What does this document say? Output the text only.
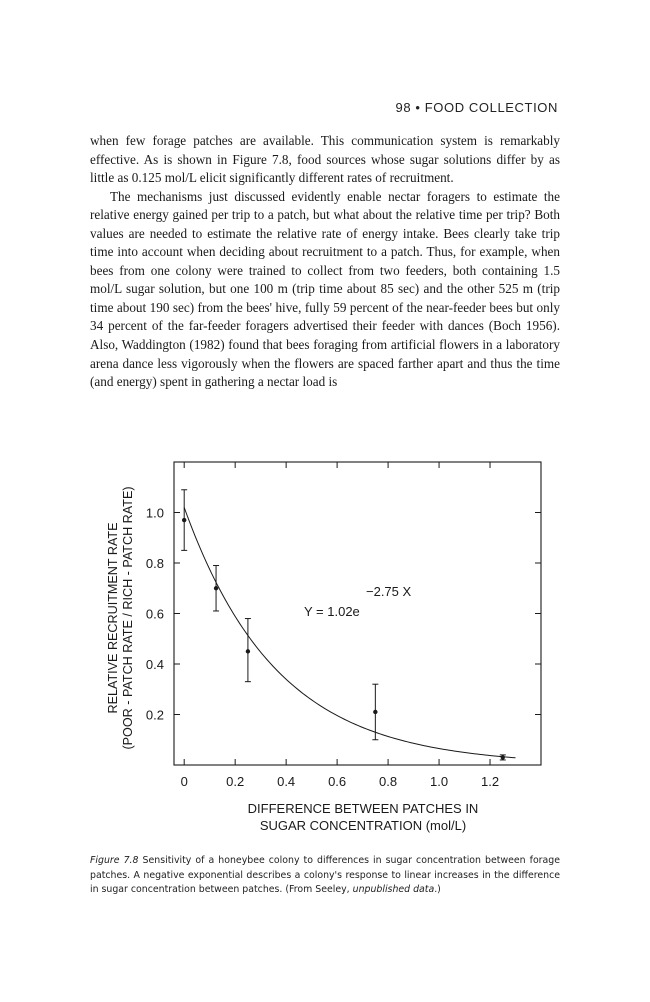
98 • FOOD COLLECTION

when few forage patches are available. This communication system is remarkably effective. As is shown in Figure 7.8, food sources whose sugar solutions differ by as little as 0.125 mol/L elicit significantly different rates of recruitment.

The mechanisms just discussed evidently enable nectar foragers to estimate the relative energy gained per trip to a patch, but what about the relative time per trip? Both values are needed to estimate the relative rate of energy intake. Bees clearly take trip time into account when deciding about recruitment to a patch. Thus, for example, when bees from one colony were trained to collect from two feeders, both containing 1.5 mol/L sugar solution, but one 100 m (trip time about 85 sec) and the other 525 m (trip time about 190 sec) from the bees' hive, fully 59 percent of the near-feeder bees but only 34 percent of the far-feeder foragers advertised their feeder with dances (Boch 1956). Also, Waddington (1982) found that bees foraging from artificial flowers in a laboratory arena dance less vigorously when the flowers are spaced farther apart and thus the time (and energy) spent in gathering a nectar load is

0	0.2	0.4	0.6	0.8	1.0	1.2
0.2
0.4
0.6
0.8
1.0
DIFFERENCE BETWEEN PATCHES IN
SUGAR CONCENTRATION (mol/L)
RELATIVE RECRUITMENT RATE (POOR - PATCH RATE / RICH - PATCH RATE)	Y = 1.02e
−2.75 X
Figure 7.8 Sensitivity of a honeybee colony to differences in sugar concentration between forage patches. A negative exponential describes a colony's response to linear increases in the difference in sugar concentration between patches. (From Seeley, unpublished data.)
